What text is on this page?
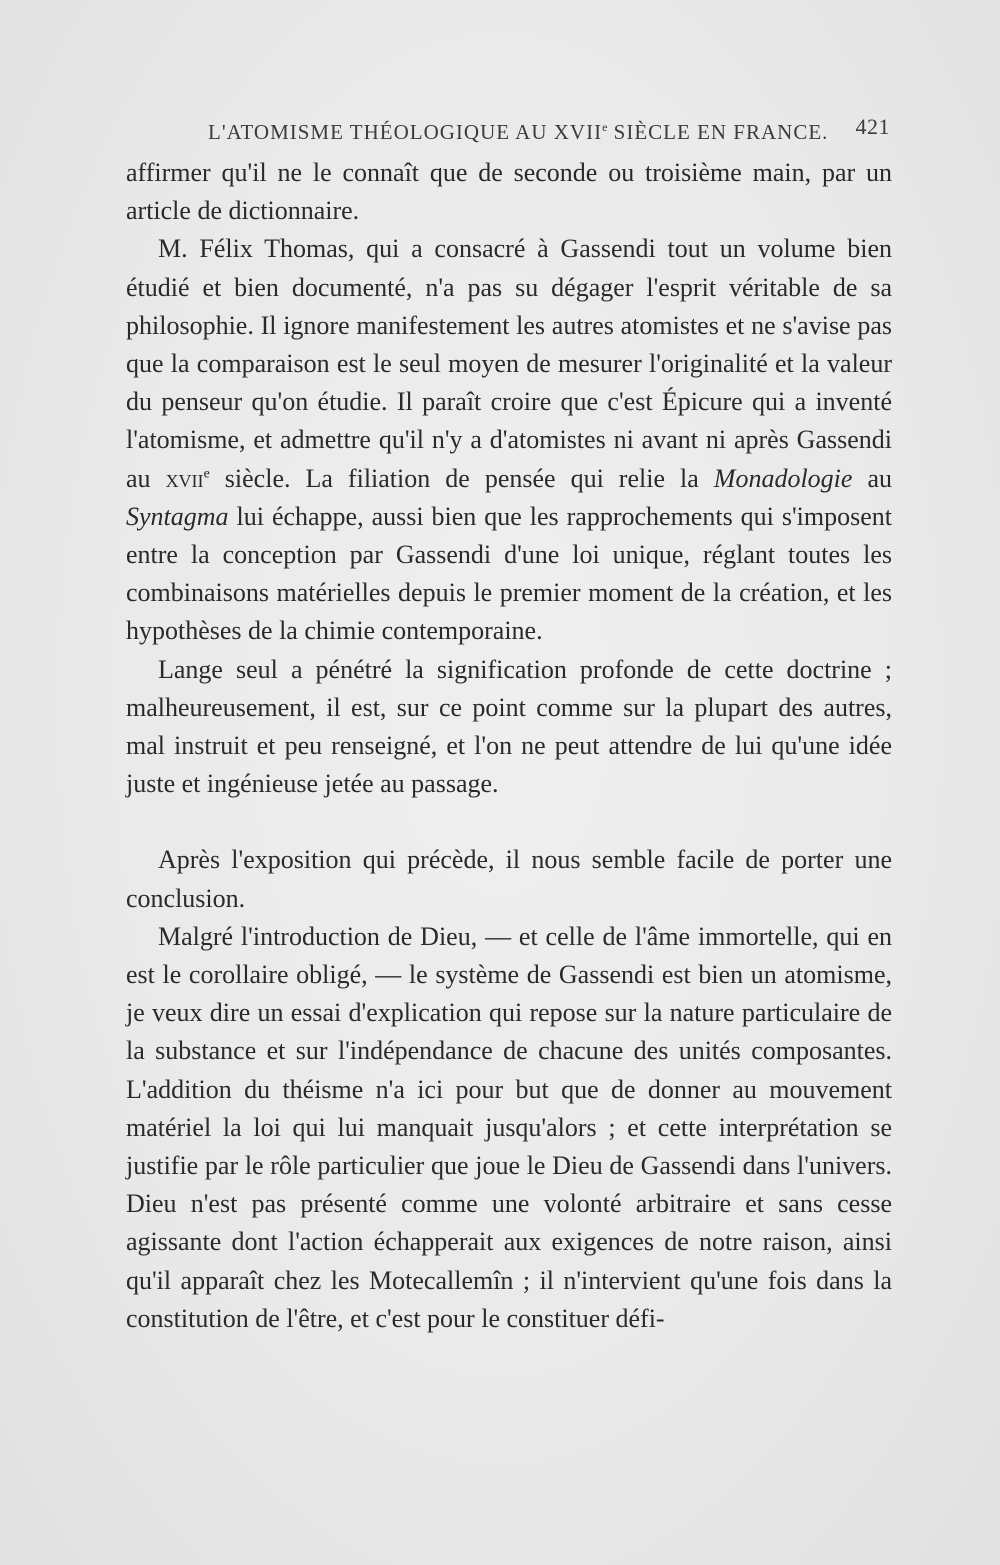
L'ATOMISME THÉOLOGIQUE AU XVIIe SIÈCLE EN FRANCE. 421

affirmer qu'il ne le connaît que de seconde ou troisième main, par un article de dictionnaire.

M. Félix Thomas, qui a consacré à Gassendi tout un volume bien étudié et bien documenté, n'a pas su dégager l'esprit véritable de sa philosophie. Il ignore manifestement les autres atomistes et ne s'avise pas que la comparaison est le seul moyen de mesurer l'originalité et la valeur du penseur qu'on étudie. Il paraît croire que c'est Épicure qui a inventé l'atomisme, et admettre qu'il n'y a d'atomistes ni avant ni après Gassendi au xvii$^e$ siècle. La filiation de pensée qui relie la Monadologie au Syntagma lui échappe, aussi bien que les rapprochements qui s'imposent entre la conception par Gassendi d'une loi unique, réglant toutes les combinaisons matérielles depuis le premier moment de la création, et les hypothèses de la chimie contemporaine.

Lange seul a pénétré la signification profonde de cette doctrine ; malheureusement, il est, sur ce point comme sur la plupart des autres, mal instruit et peu renseigné, et l'on ne peut attendre de lui qu'une idée juste et ingénieuse jetée au passage.

Après l'exposition qui précède, il nous semble facile de porter une conclusion.

Malgré l'introduction de Dieu, — et celle de l'âme immortelle, qui en est le corollaire obligé, — le système de Gassendi est bien un atomisme, je veux dire un essai d'explication qui repose sur la nature particulaire de la substance et sur l'indépendance de chacune des unités composantes. L'addition du théisme n'a ici pour but que de donner au mouvement matériel la loi qui lui manquait jusqu'alors ; et cette interprétation se justifie par le rôle particulier que joue le Dieu de Gassendi dans l'univers. Dieu n'est pas présenté comme une volonté arbitraire et sans cesse agissante dont l'action échapperait aux exigences de notre raison, ainsi qu'il apparaît chez les Motecallemîn ; il n'intervient qu'une fois dans la constitution de l'être, et c'est pour le constituer défi-
